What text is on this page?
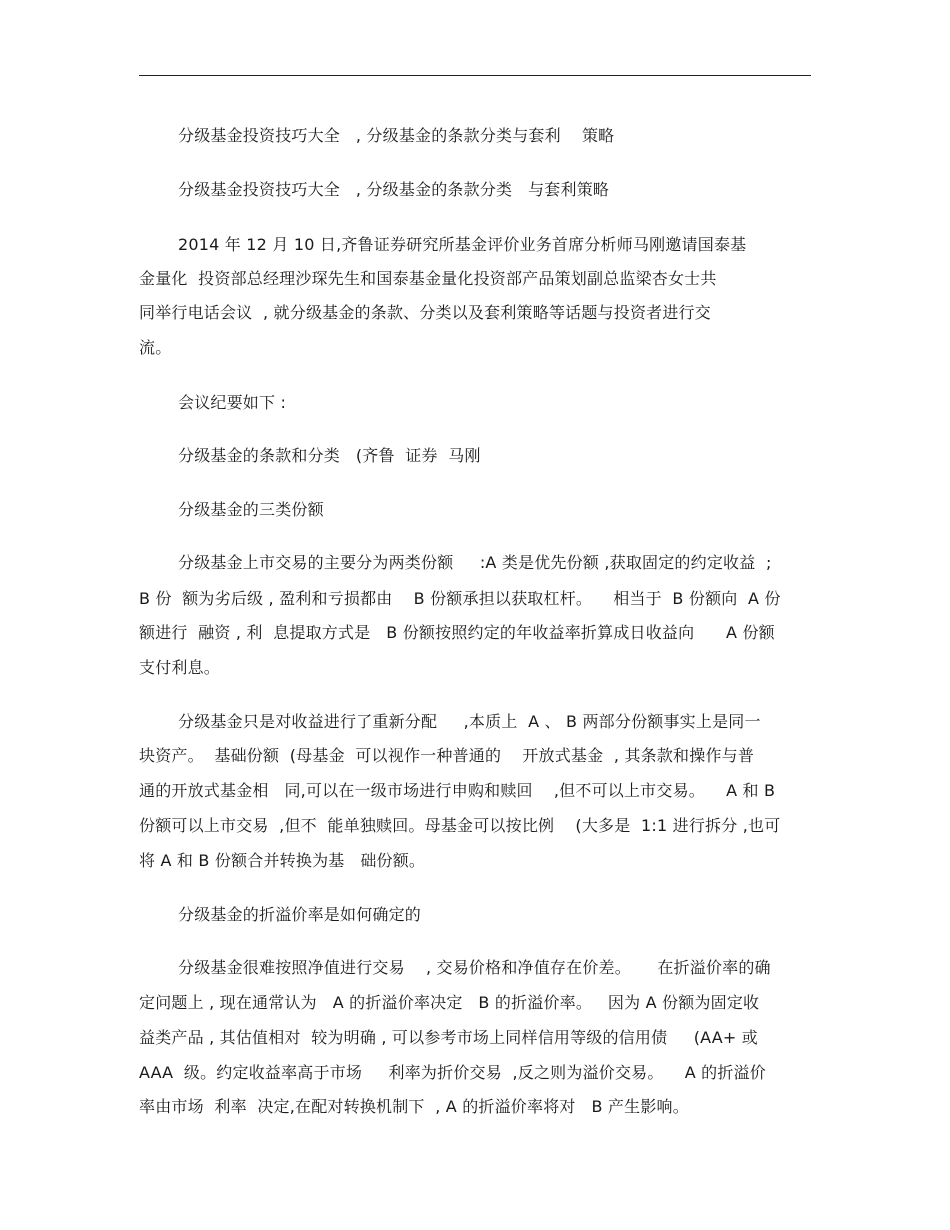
分级基金投资技巧大全   , 分级基金的条款分类与套利    策略
分级基金投资技巧大全   , 分级基金的条款分类   与套利策略
2014 年 12 月 10 日,齐鲁证券研究所基金评价业务首席分析师马刚邀请国泰基
金量化  投资部总经理沙琛先生和国泰基金量化投资部产品策划副总监梁杏女士共
同举行电话会议  , 就分级基金的条款、分类以及套利策略等话题与投资者进行交
流。
会议纪要如下 :
分级基金的条款和分类   (齐鲁  证券  马刚
分级基金的三类份额
分级基金上市交易的主要分为两类份额     :A 类是优先份额 ,获取固定的约定收益  ;
B 份  额为劣后级 , 盈利和亏损都由    B 份额承担以获取杠杆。    相当于  B 份额向  A 份
额进行  融资 , 利  息提取方式是   B 份额按照约定的年收益率折算成日收益向      A 份额
支付利息。
分级基金只是对收益进行了重新分配     ,本质上  A 、 B 两部分份额事实上是同一
块资产。  基础份额  (母基金  可以视作一种普通的    开放式基金  , 其条款和操作与普
通的开放式基金相   同,可以在一级市场进行申购和赎回    ,但不可以上市交易。    A 和 B
份额可以上市交易  ,但不  能单独赎回。母基金可以按比例    (大多是  1:1 进行拆分 ,也可
将 A 和 B 份额合并转换为基   础份额。
分级基金的折溢价率是如何确定的
分级基金很难按照净值进行交易    , 交易价格和净值存在价差。     在折溢价率的确
定问题上 , 现在通常认为   A 的折溢价率决定   B 的折溢价率。   因为 A 份额为固定收
益类产品 , 其估值相对  较为明确 , 可以参考市场上同样信用等级的信用债     (AA+ 或
AAA  级。约定收益率高于市场     利率为折价交易  ,反之则为溢价交易。    A 的折溢价
率由市场  利率  决定,在配对转换机制下  , A 的折溢价率将对   B 产生影响。
